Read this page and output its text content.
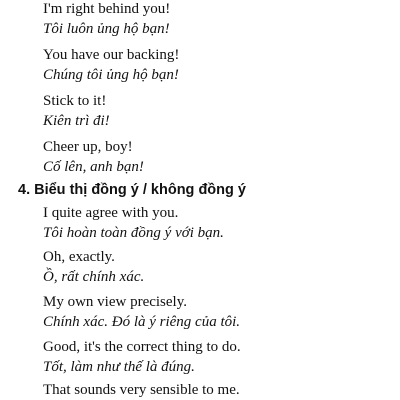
I'm right behind you!
Tôi luôn ủng hộ bạn!
You have our backing!
Chúng tôi ủng hộ bạn!
Stick to it!
Kiên trì đi!
Cheer up, boy!
Cố lên, anh bạn!
4. Biểu thị đồng ý / không đồng ý
I quite agree with you.
Tôi hoàn toàn đồng ý với bạn.
Oh, exactly.
Ồ, rất chính xác.
My own view precisely.
Chính xác. Đó là ý riêng của tôi.
Good, it's the correct thing to do.
Tốt, làm như thế là đúng.
That sounds very sensible to me.
